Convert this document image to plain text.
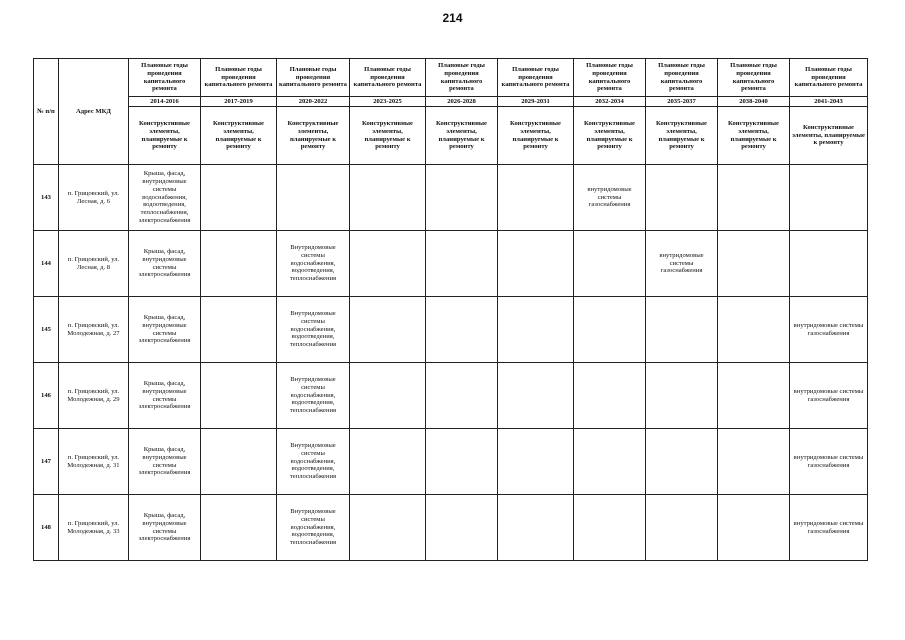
214
№ п/п	Адрес МКД	Плановые годы проведения капитального ремонта	Плановые годы проведения капитального ремонта	Плановые годы проведения капитального ремонта	Плановые годы проведения капитального ремонта	Плановые годы проведения капитального ремонта	Плановые годы проведения капитального ремонта	Плановые годы проведения капитального ремонта	Плановые годы проведения капитального ремонта	Плановые годы проведения капитального ремонта	Плановые годы проведения капитального ремонта
		2014-2016	2017-2019	2020-2022	2023-2025	2026-2028	2029-2031	2032-2034	2035-2037	2038-2040	2041-2043
		Конструктивные элементы, планируемые к ремонту	Конструктивные элементы, планируемые к ремонту	Конструктивные элементы, планируемые к ремонту	Конструктивные элементы, планируемые к ремонту	Конструктивные элементы, планируемые к ремонту	Конструктивные элементы, планируемые к ремонту	Конструктивные элементы, планируемые к ремонту	Конструктивные элементы, планируемые к ремонту	Конструктивные элементы, планируемые к ремонту	Конструктивные элементы, планируемые к ремонту
143	п. Грицовский, ул. Лесная, д. 6	Крыша, фасад, внутридомовые системы водоснабжения, водоотведения, теплоснабжения, электроснабжения						внутридомовые системы газоснабжения			
144	п. Грицовский, ул. Лесная, д. 8	Крыша, фасад, внутридомовые системы электроснабжения		Внутридомовые системы водоснабжения, водоотведения, теплоснабжения					внутридомовые системы газоснабжения		
145	п. Грицовский, ул. Молодежная, д. 27	Крыша, фасад, внутридомовые системы электроснабжения		Внутридомовые системы водоснабжения, водоотведения, теплоснабжения							внутридомовые системы газоснабжения
146	п. Грицовский, ул. Молодежная, д. 29	Крыша, фасад, внутридомовые системы электроснабжения		Внутридомовые системы водоснабжения, водоотведения, теплоснабжения							внутридомовые системы газоснабжения
147	п. Грицовский, ул. Молодежная, д. 31	Крыша, фасад, внутридомовые системы электроснабжения		Внутридомовые системы водоснабжения, водоотведения, теплоснабжения							внутридомовые системы газоснабжения
148	п. Грицовский, ул. Молодежная, д. 33	Крыша, фасад, внутридомовые системы электроснабжения		Внутридомовые системы водоснабжения, водоотведения, теплоснабжения							внутридомовые системы газоснабжения
